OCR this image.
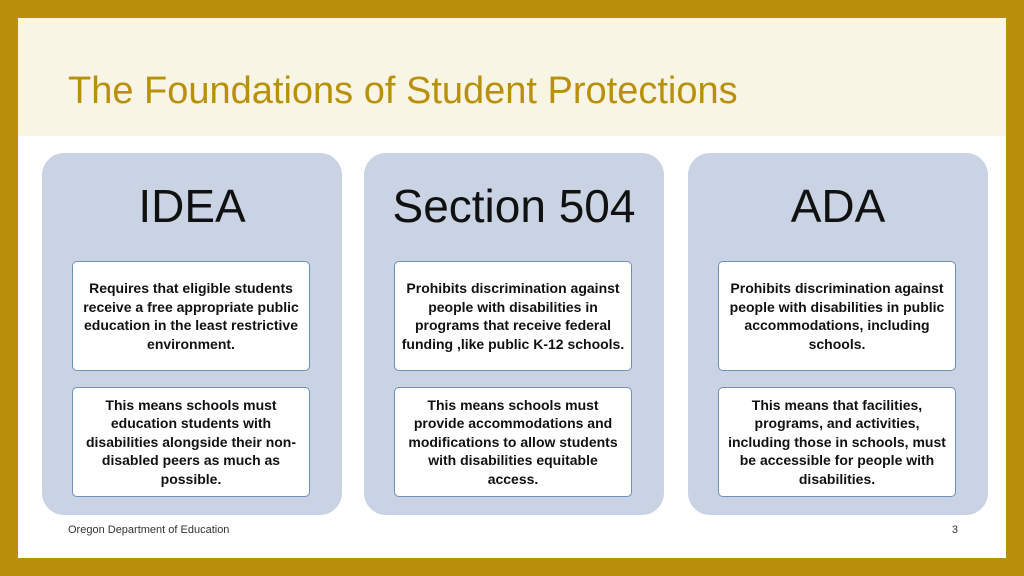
The Foundations of Student Protections
IDEA
Requires that eligible students receive a free appropriate public education in the least restrictive environment.
This means schools must education students with disabilities alongside their non-disabled peers as much as possible.
Section 504
Prohibits discrimination against people with disabilities in programs that receive federal funding ,like public K-12 schools.
This means schools must provide accommodations and modifications to allow students with disabilities equitable access.
ADA
Prohibits discrimination against people with disabilities in public accommodations, including schools.
This means that facilities, programs, and activities, including those in schools, must be accessible for people with disabilities.
Oregon Department of Education	3
